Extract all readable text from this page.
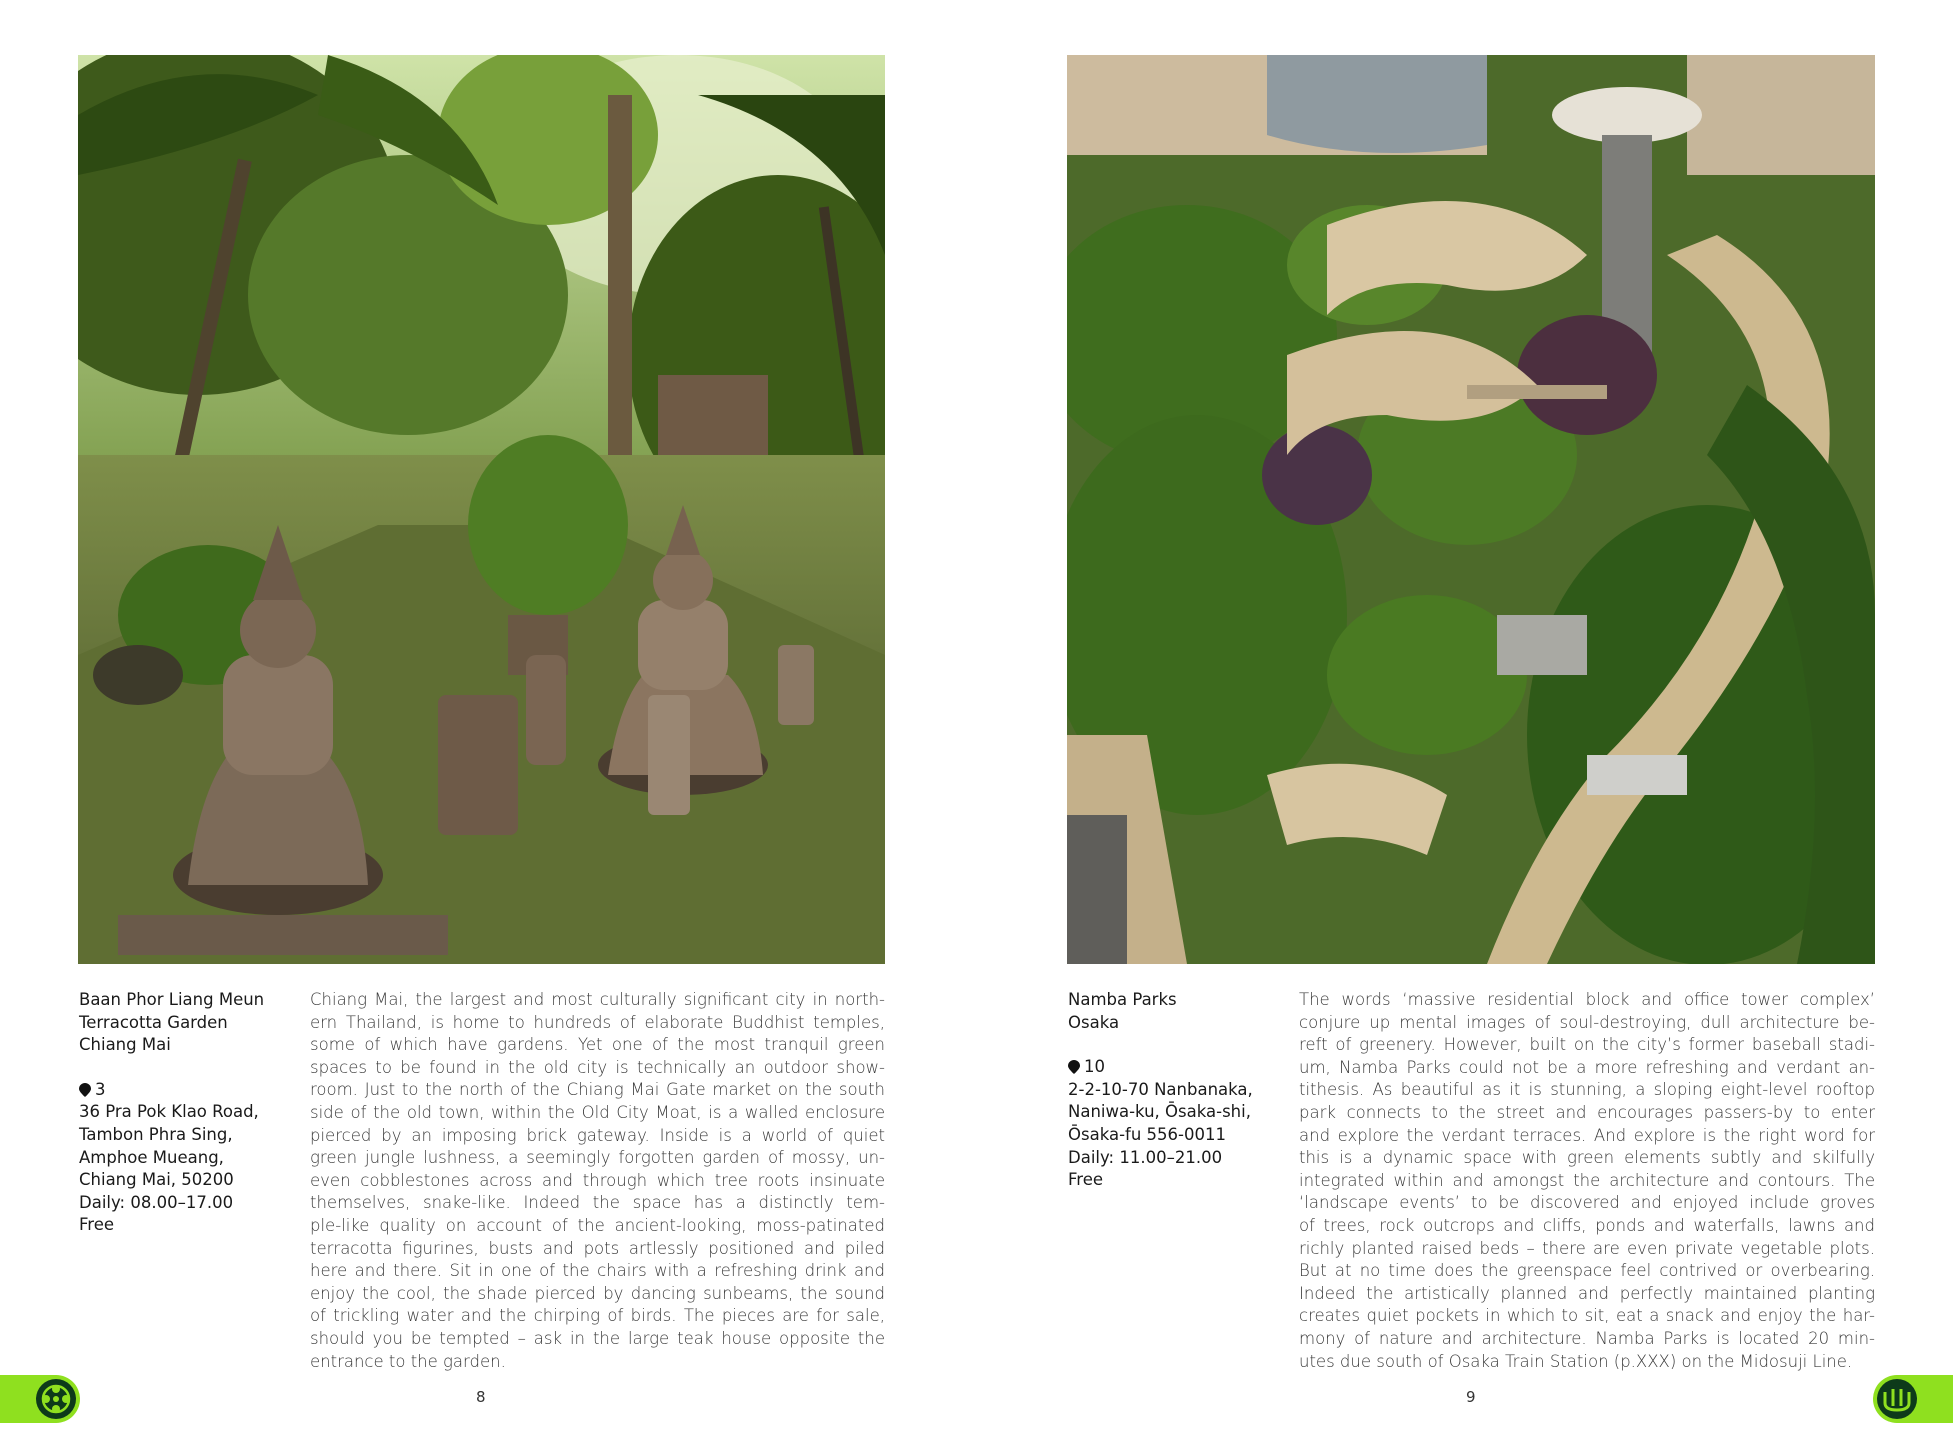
Baan Phor Liang Meun
Terracotta Garden
Chiang Mai
3
36 Pra Pok Klao Road,
Tambon Phra Sing,
Amphoe Mueang,
Chiang Mai, 50200
Daily: 08.00–17.00
Free
Chiang Mai, the largest and most culturally significant city in north-
ern Thailand, is home to hundreds of elaborate Buddhist temples,
some of which have gardens. Yet one of the most tranquil green
spaces to be found in the old city is technically an outdoor show-
room. Just to the north of the Chiang Mai Gate market on the south
side of the old town, within the Old City Moat, is a walled enclosure
pierced by an imposing brick gateway. Inside is a world of quiet
green jungle lushness, a seemingly forgotten garden of mossy, un-
even cobblestones across and through which tree roots insinuate
themselves, snake-like. Indeed the space has a distinctly tem-
ple-like quality on account of the ancient-looking, moss-patinated
terracotta figurines, busts and pots artlessly positioned and piled
here and there. Sit in one of the chairs with a refreshing drink and
enjoy the cool, the shade pierced by dancing sunbeams, the sound
of trickling water and the chirping of birds. The pieces are for sale,
should you be tempted – ask in the large teak house opposite the
entrance to the garden.
Namba Parks
Osaka
10
2-2-10-70 Nanbanaka,
Naniwa-ku, Ōsaka-shi,
Ōsaka-fu 556-0011
Daily: 11.00–21.00
Free
The words ‘massive residential block and office tower complex’
conjure up mental images of soul-destroying, dull architecture be-
reft of greenery. However, built on the city’s former baseball stadi-
um, Namba Parks could not be a more refreshing and verdant an-
tithesis. As beautiful as it is stunning, a sloping eight-level rooftop
park connects to the street and encourages passers-by to enter
and explore the verdant terraces. And explore is the right word for
this is a dynamic space with green elements subtly and skilfully
integrated within and amongst the architecture and contours. The
‘landscape events’ to be discovered and enjoyed include groves
of trees, rock outcrops and cliffs, ponds and waterfalls, lawns and
richly planted raised beds – there are even private vegetable plots.
But at no time does the greenspace feel contrived or overbearing.
Indeed the artistically planned and perfectly maintained planting
creates quiet pockets in which to sit, eat a snack and enjoy the har-
mony of nature and architecture. Namba Parks is located 20 min-
utes due south of Osaka Train Station (p.XXX) on the Midosuji Line.
8	9
